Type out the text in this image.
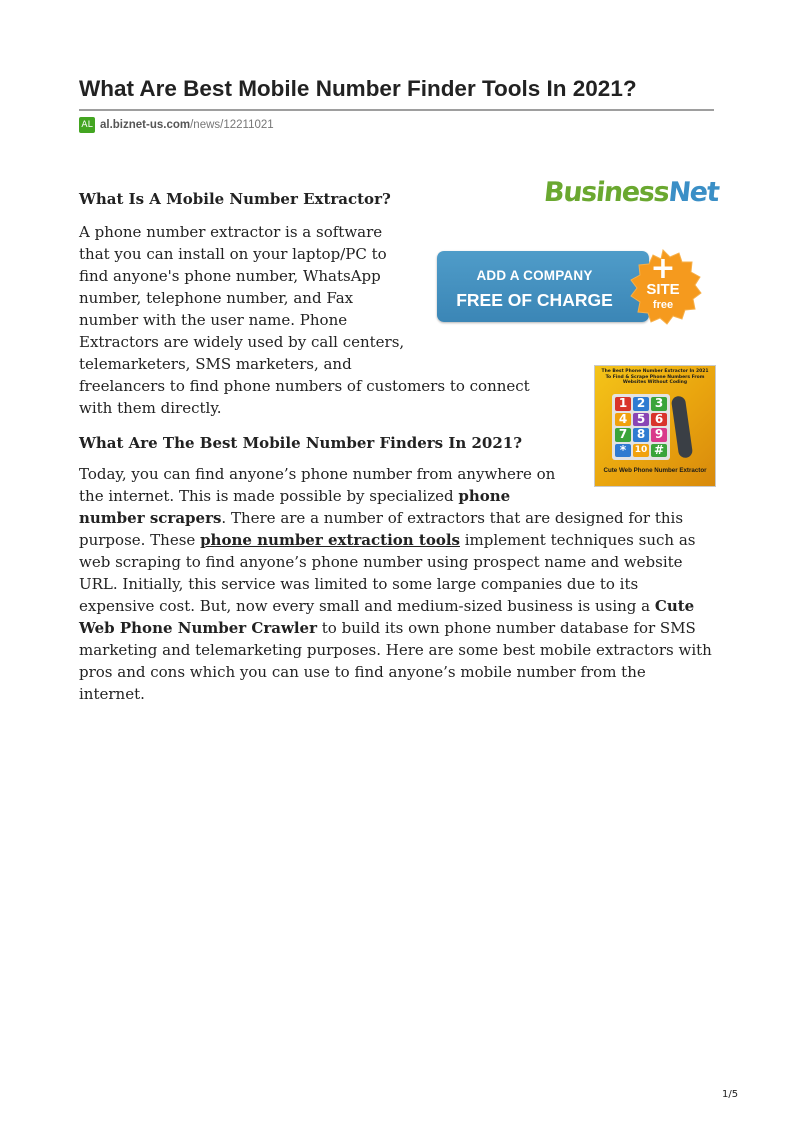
What Are Best Mobile Number Finder Tools In 2021?
AL al.biznet-us.com /news/12211021
BusinessNet
ADD A COMPANY
FREE OF CHARGE
+
SITE
free
The Best Phone Number Extractor In 2021 To Find & Scrape Phone Numbers From Websites Without Coding
1 2 3
4 5 6
7 8 9
* 10 #
Cute Web Phone Number Extractor
What Is A Mobile Number Extractor?

A phone number extractor is a software that you can install on your laptop/PC to find anyone's phone number, WhatsApp number, telephone number, and Fax number with the user name. Phone Extractors are widely used by call centers, telemarketers, SMS marketers, and freelancers to find phone numbers of customers to connect with them directly.

What Are The Best Mobile Number Finders In 2021?

Today, you can find anyone’s phone number from anywhere on the internet. This is made possible by specialized phone number scrapers. There are a number of extractors that are designed for this purpose. These phone number extraction tools implement techniques such as web scraping to find anyone’s phone number using prospect name and website URL. Initially, this service was limited to some large companies due to its expensive cost. But, now every small and medium-sized business is using a Cute Web Phone Number Crawler to build its own phone number database for SMS marketing and telemarketing purposes. Here are some best mobile extractors with pros and cons which you can use to find anyone’s mobile number from the internet.

1/5
